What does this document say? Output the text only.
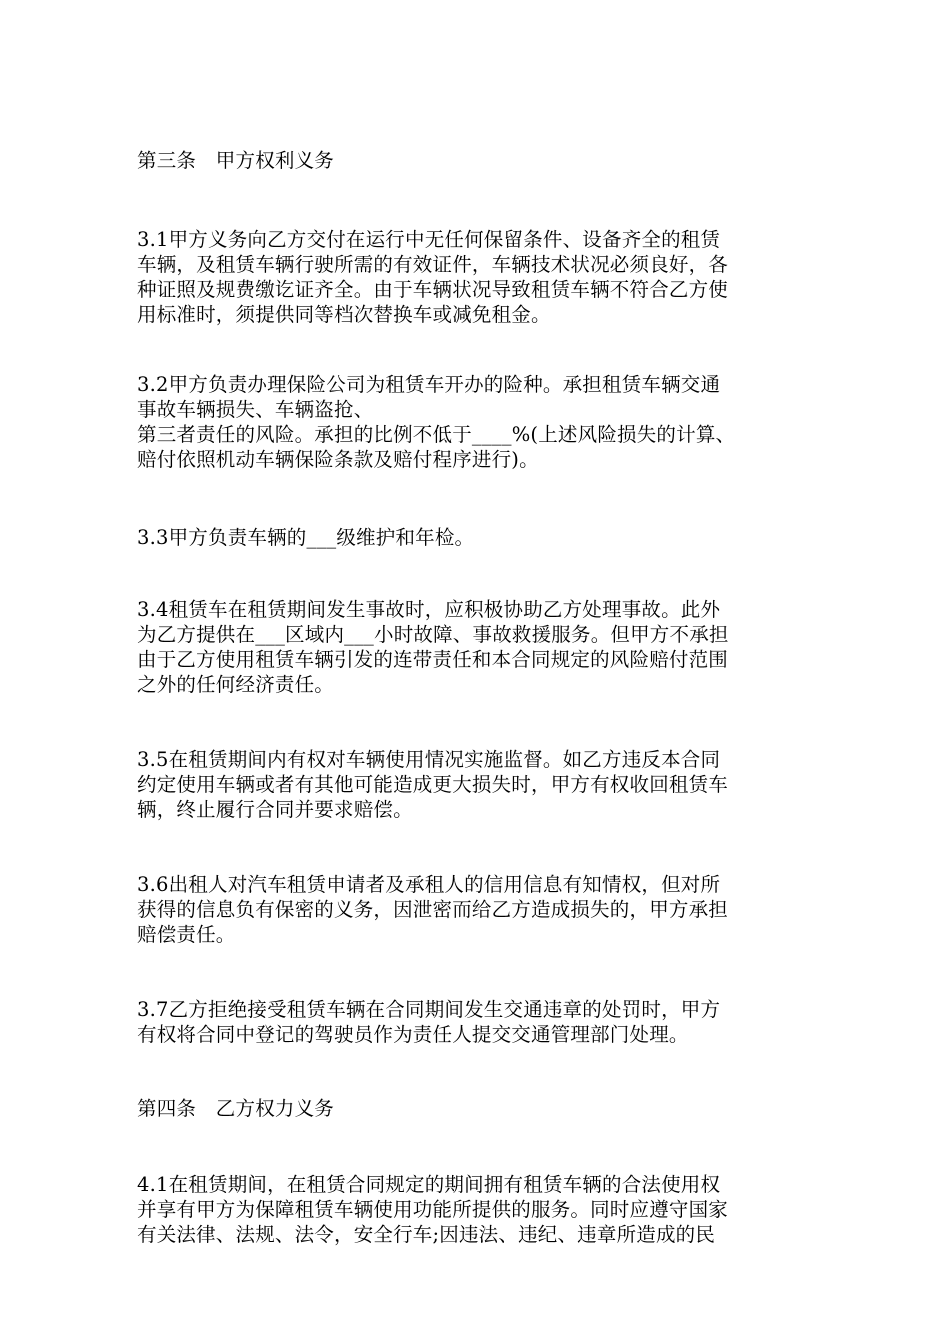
第三条　甲方权利义务

3.1甲方义务向乙方交付在运行中无任何保留条件、设备齐全的租赁
车辆，及租赁车辆行驶所需的有效证件，车辆技术状况必须良好，各
种证照及规费缴讫证齐全。由于车辆状况导致租赁车辆不符合乙方使
用标准时，须提供同等档次替换车或减免租金。
3.2甲方负责办理保险公司为租赁车开办的险种。承担租赁车辆交通
事故车辆损失、车辆盗抢、
第三者责任的风险。承担的比例不低于____%(上述风险损失的计算、
赔付依照机动车辆保险条款及赔付程序进行)。
3.3甲方负责车辆的___级维护和年检。
3.4租赁车在租赁期间发生事故时，应积极协助乙方处理事故。此外
为乙方提供在___区域内___小时故障、事故救援服务。但甲方不承担
由于乙方使用租赁车辆引发的连带责任和本合同规定的风险赔付范围
之外的任何经济责任。
3.5在租赁期间内有权对车辆使用情况实施监督。如乙方违反本合同
约定使用车辆或者有其他可能造成更大损失时，甲方有权收回租赁车
辆，终止履行合同并要求赔偿。
3.6出租人对汽车租赁申请者及承租人的信用信息有知情权，但对所
获得的信息负有保密的义务，因泄密而给乙方造成损失的，甲方承担
赔偿责任。
3.7乙方拒绝接受租赁车辆在合同期间发生交通违章的处罚时，甲方
有权将合同中登记的驾驶员作为责任人提交交通管理部门处理。

第四条　乙方权力义务

4.1在租赁期间，在租赁合同规定的期间拥有租赁车辆的合法使用权
并享有甲方为保障租赁车辆使用功能所提供的服务。同时应遵守国家
有关法律、法规、法令，安全行车;因违法、违纪、违章所造成的民
